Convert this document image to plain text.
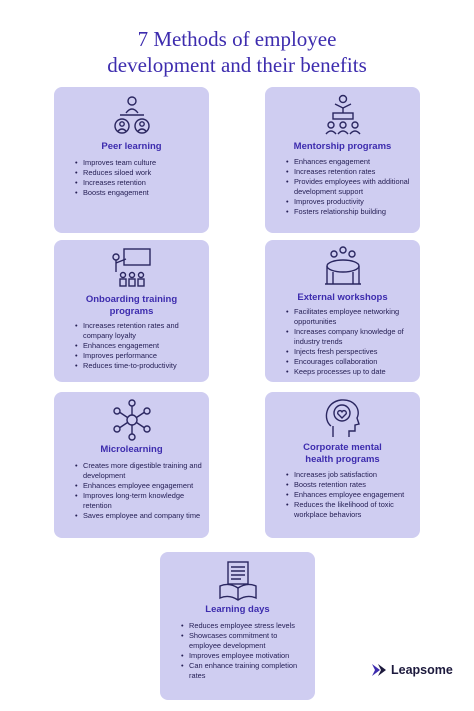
7 Methods of employee
development and their benefits
Peer learning
• Improves team culture
• Reduces siloed work
• Increases retention
• Boosts engagement
Mentorship programs
• Enhances engagement
• Increases retention rates
• Provides employees with additional development support
• Improves productivity
• Fosters relationship building
Onboarding training programs
• Increases retention rates and company loyalty
• Enhances engagement
• Improves performance
• Reduces time-to-productivity
External workshops
• Facilitates employee networking opportunities
• Increases company knowledge of industry trends
• Injects fresh perspectives
• Encourages collaboration
• Keeps processes up to date
Microlearning
• Creates more digestible training and development
• Enhances employee engagement
• Improves long-term knowledge retention
• Saves employee and company time
Corporate mental health programs
• Increases job satisfaction
• Boosts retention rates
• Enhances employee engagement
• Reduces the likelihood of toxic workplace behaviors
Learning days
• Reduces employee stress levels
• Showcases commitment to employee development
• Improves employee motivation
• Can enhance training completion rates	Leapsome
